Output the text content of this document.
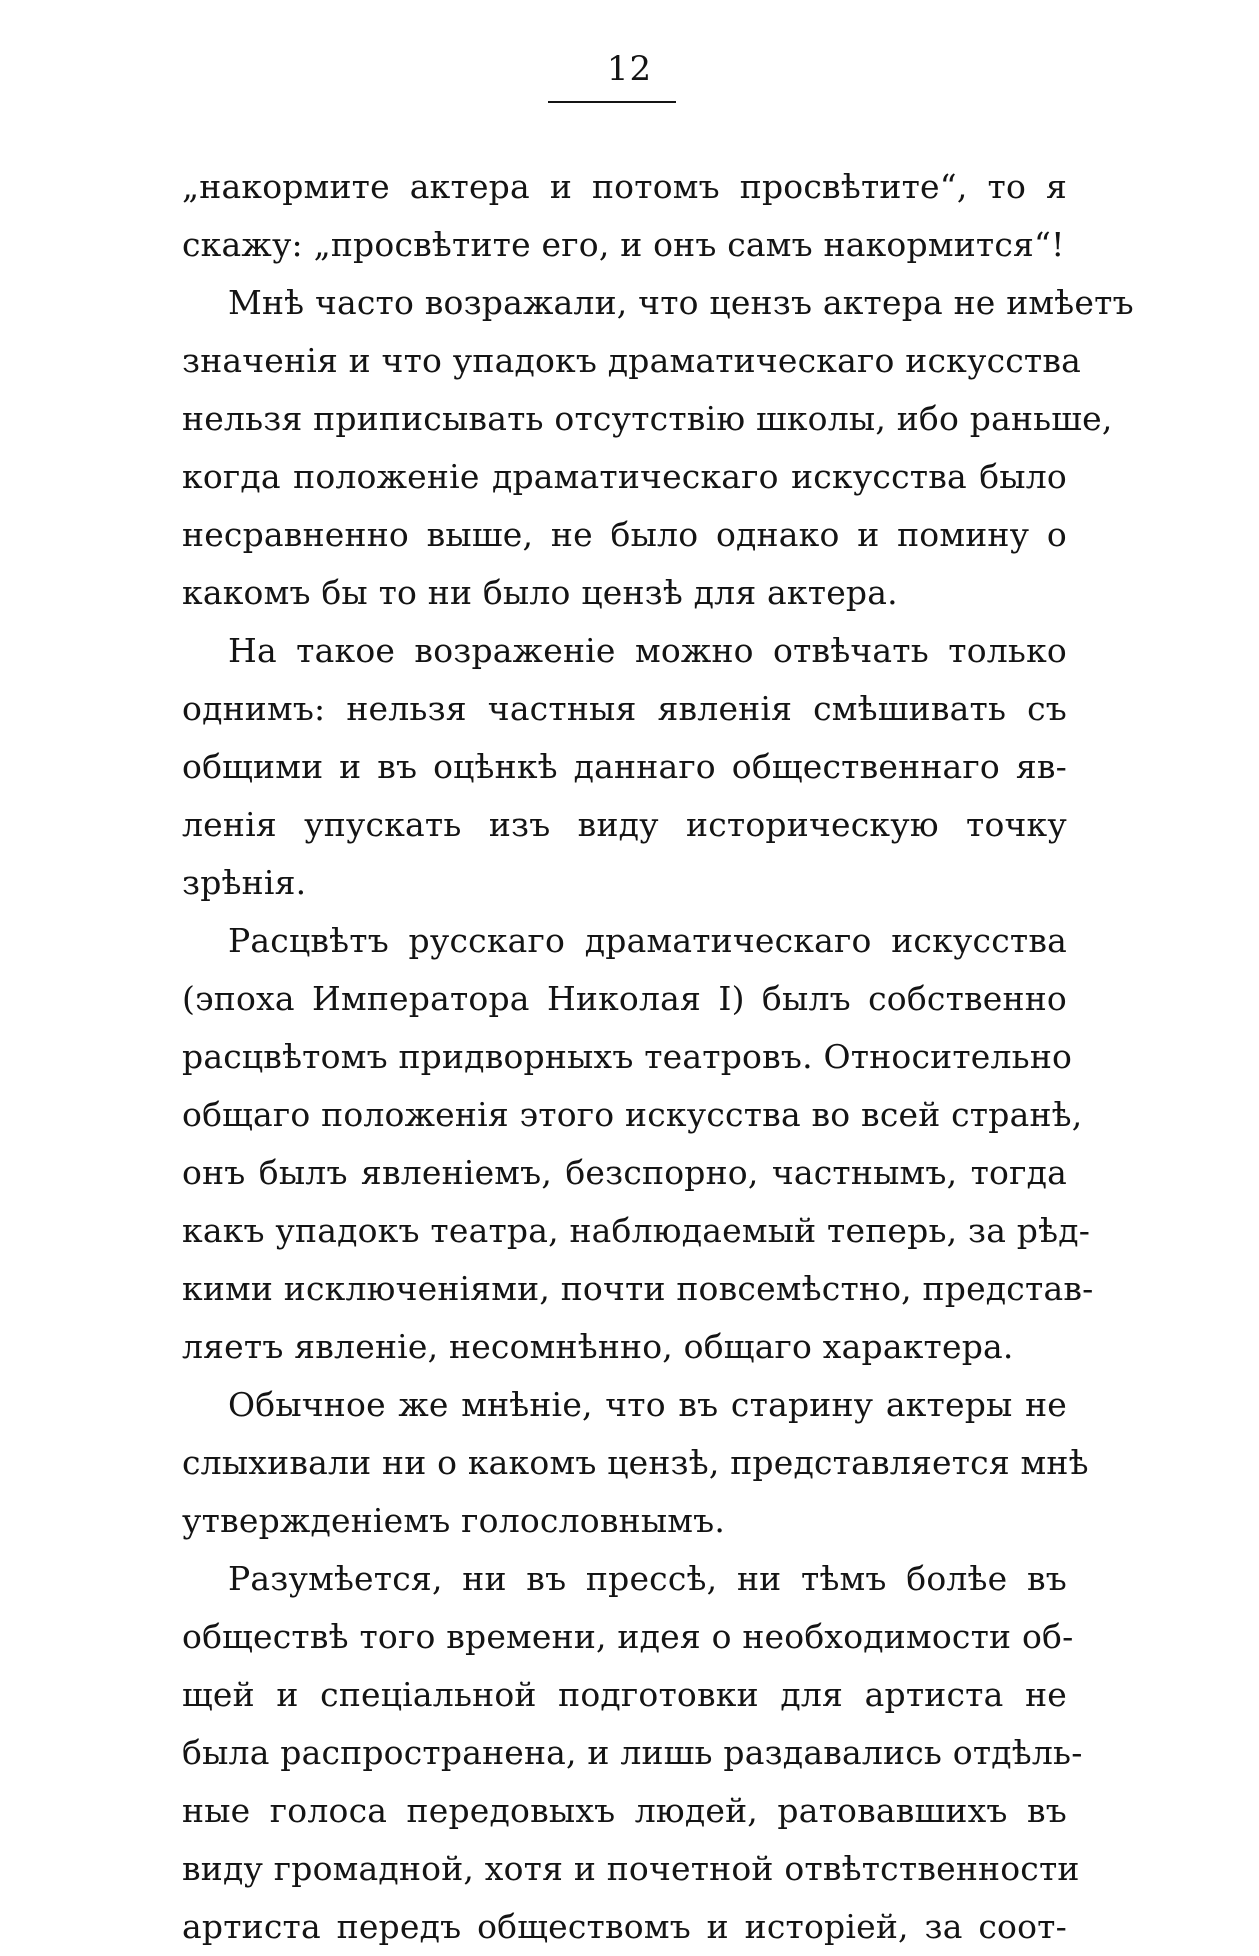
12
„накормите актера и потомъ просвѣтите“, то я
скажу: „просвѣтите его, и онъ самъ накормится“!
Мнѣ часто возражали, что цензъ актера не имѣетъ
значенія и что упадокъ драматическаго искусства
нельзя приписывать отсутствію школы, ибо раньше,
когда положеніе драматическаго искусства было
несравненно выше, не было однако и помину о
какомъ бы то ни было цензѣ для актера.
На такое возраженіе можно отвѣчать только
однимъ: нельзя частныя явленія смѣшивать съ
общими и въ оцѣнкѣ даннаго общественнаго яв-
ленія упускать изъ виду историческую точку
зрѣнія.
Расцвѣтъ русскаго драматическаго искусства
(эпоха Императора Николая I) былъ собственно
расцвѣтомъ придворныхъ театровъ. Относительно
общаго положенія этого искусства во всей странѣ,
онъ былъ явленіемъ, безспорно, частнымъ, тогда
какъ упадокъ театра, наблюдаемый теперь, за рѣд-
кими исключеніями, почти повсемѣстно, представ-
ляетъ явленіе, несомнѣнно, общаго характера.
Обычное же мнѣніе, что въ старину актеры не
слыхивали ни о какомъ цензѣ, представляется мнѣ
утвержденіемъ голословнымъ.
Разумѣется, ни въ прессѣ, ни тѣмъ болѣе въ
обществѣ того времени, идея о необходимости об-
щей и спеціальной подготовки для артиста не
была распространена, и лишь раздавались отдѣль-
ные голоса передовыхъ людей, ратовавшихъ въ
виду громадной, хотя и почетной отвѣтственности
артиста передъ обществомъ и исторіей, за соот-
